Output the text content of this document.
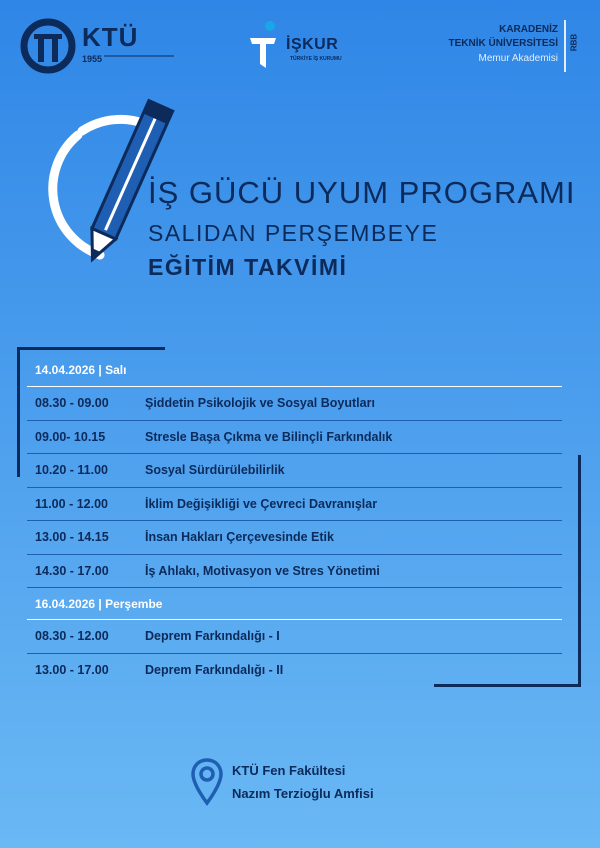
KTÜ
1955
İŞKUR
TÜRKİYE İŞ KURUMU
KARADENİZ
TEKNİK ÜNİVERSİTESİ
Memur Akademisi
RBB
İŞ GÜCÜ UYUM PROGRAMI
SALIDAN PERŞEMBEYE
EĞİTİM TAKVİMİ
14.04.2026 | Salı
08.30 - 09.00	Şiddetin Psikolojik ve Sosyal Boyutları
09.00- 10.15	Stresle Başa Çıkma ve Bilinçli Farkındalık
10.20 - 11.00	Sosyal Sürdürülebilirlik
11.00 - 12.00	İklim Değişikliği ve Çevreci Davranışlar
13.00 - 14.15	İnsan Hakları Çerçevesinde Etik
14.30 - 17.00	İş Ahlakı, Motivasyon ve Stres Yönetimi
16.04.2026 | Perşembe
08.30 - 12.00	Deprem Farkındalığı - I
13.00 - 17.00	Deprem Farkındalığı - II
KTÜ Fen Fakültesi
Nazım Terzioğlu Amfisi
